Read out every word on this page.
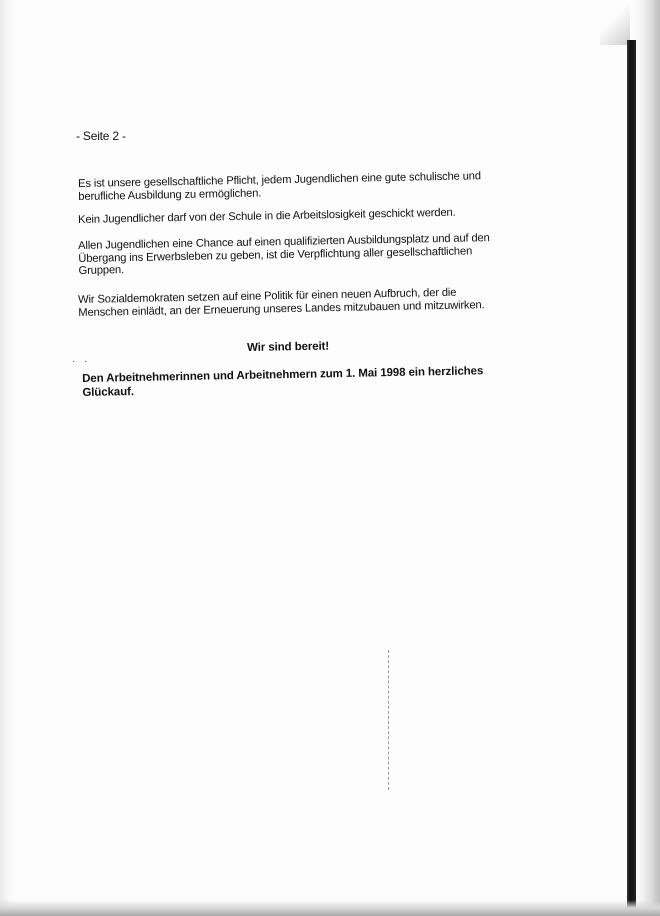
· ·
- Seite 2 -

Es ist unsere gesellschaftliche Pflicht, jedem Jugendlichen eine gute schulische und berufliche Ausbildung zu ermöglichen.

Kein Jugendlicher darf von der Schule in die Arbeitslosigkeit geschickt werden.

Allen Jugendlichen eine Chance auf einen qualifizierten Ausbildungsplatz und auf den Übergang ins Erwerbsleben zu geben, ist die Verpflichtung aller gesellschaftlichen Gruppen.

Wir Sozialdemokraten setzen auf eine Politik für einen neuen Aufbruch, der die Menschen einlädt, an der Erneuerung unseres Landes mitzubauen und mitzuwirken.

Wir sind bereit!

Den Arbeitnehmerinnen und Arbeitnehmern zum 1. Mai 1998 ein herzliches Glückauf.
